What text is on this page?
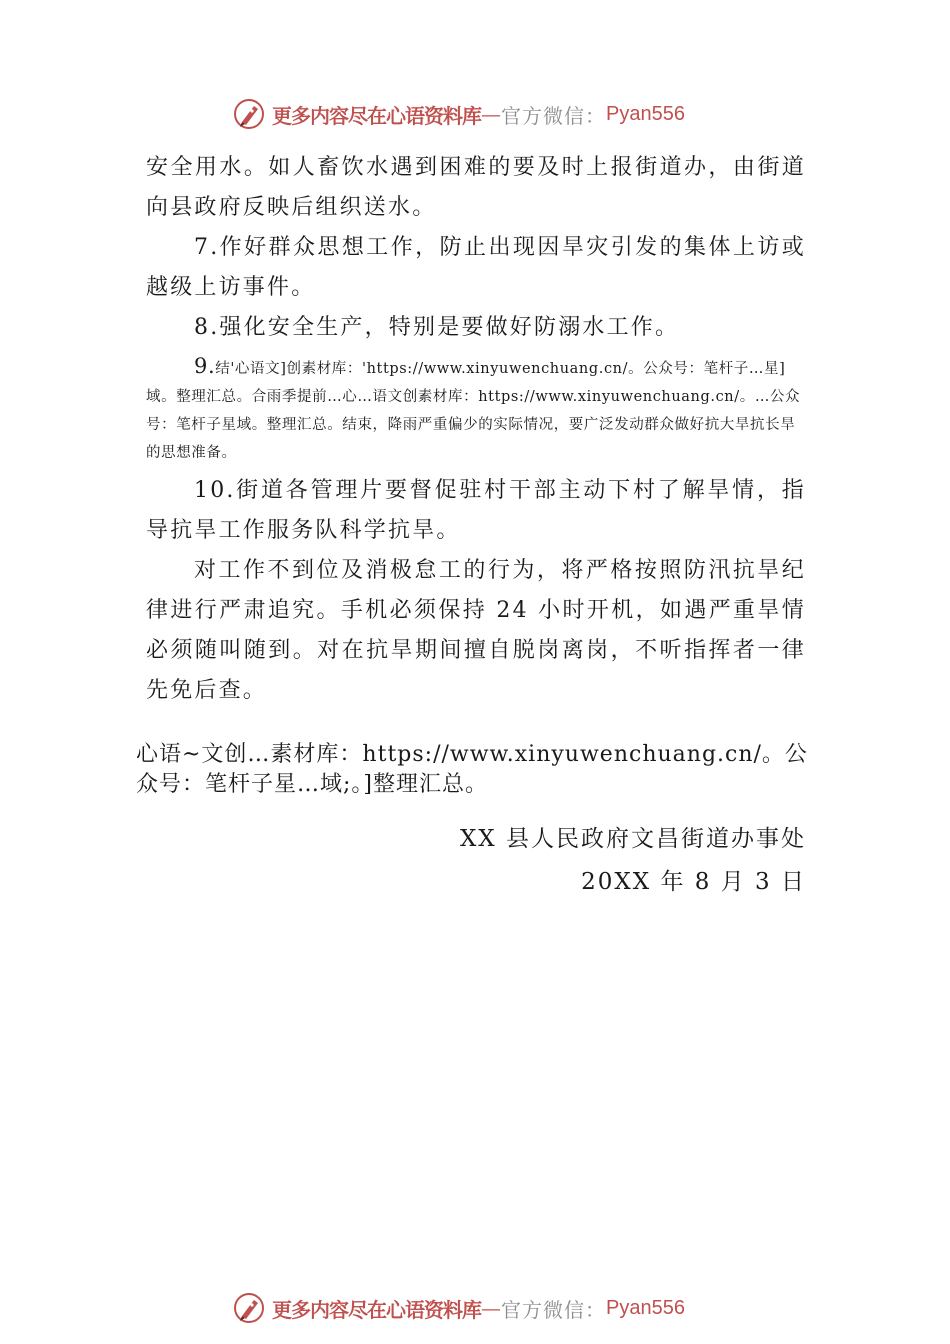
更多内容尽在心语资料库 — 官方微信： Pyan556

安全用水。如人畜饮水遇到困难的要及时上报街道办，由街道向县政府反映后组织送水。

7.作好群众思想工作，防止出现因旱灾引发的集体上访或越级上访事件。

8.强化安全生产，特别是要做好防溺水工作。

9.结'心语文]创素材库：'https://www.xinyuwenchuang.cn/。公众号：笔杆子…星]域。整理汇总。合雨季提前…心…语文创素材库：https://www.xinyuwenchuang.cn/。…公众号：笔杆子星域。整理汇总。结束，降雨严重偏少的实际情况，要广泛发动群众做好抗大旱抗长旱的思想准备。

10.街道各管理片要督促驻村干部主动下村了解旱情，指导抗旱工作服务队科学抗旱。

对工作不到位及消极怠工的行为，将严格按照防汛抗旱纪律进行严肃追究。手机必须保持 24 小时开机，如遇严重旱情必须随叫随到。对在抗旱期间擅自脱岗离岗，不听指挥者一律先免后查。

心语~文创…素材库：https://www.xinyuwenchuang.cn/。公众号：笔杆子星…域;。]整理汇总。

XX 县人民政府文昌街道办事处

20XX 年 8 月 3 日

更多内容尽在心语资料库 — 官方微信： Pyan556
